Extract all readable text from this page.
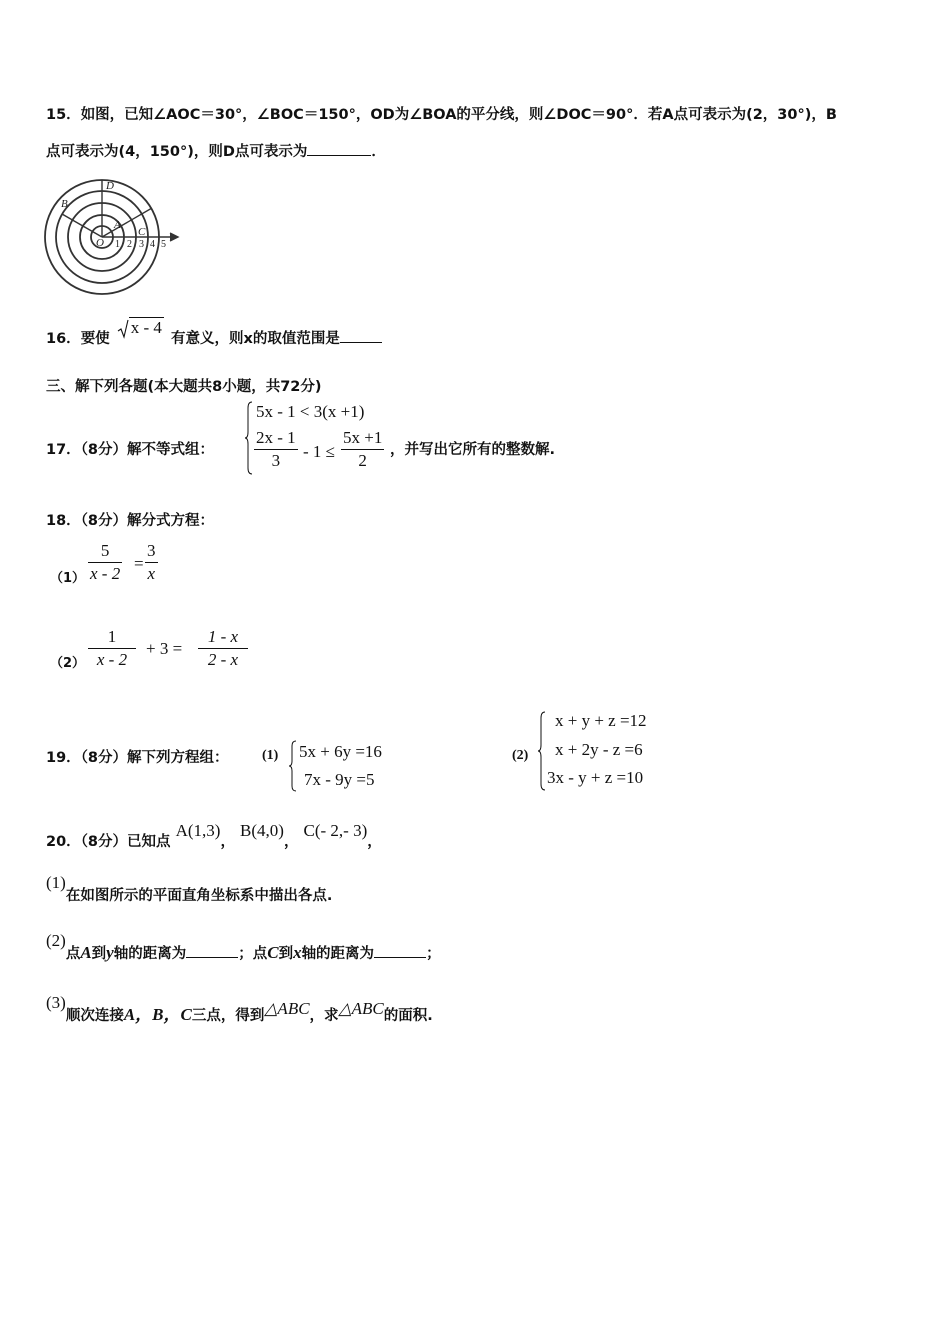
15．如图，已知∠AOC＝30°，∠BOC＝150°，OD为∠BOA的平分线，则∠DOC＝90°．若A点可表示为(2，30°)，B
点可表示为(4，150°)，则D点可表示为	．
B
D
A
C
O 1 2 3 4 5
16．要使 x - 4 有意义，则x的取值范围是
三、解下列各题(本大题共8小题，共72分)
17．（8分）解不等式组：
5x - 1 < 3(x +1)
2x - 1
3	- 1 ≤
5x +1
2
，并写出它所有的整数解.
18．（8分）解分式方程：
（1）
5
x - 2
=
3
x
（2）
1
x - 2
+ 3 =
1 - x
2 - x
19．（8分）解下列方程组： (1) 5x + 6y =16
7x - 9y =5
(2)
x + y + z =12
x + 2y - z =6
3x - y + z =10
20．（8分）已知点 A(1,3)， B(4,0)， C(- 2,- 3)，
(1)在如图所示的平面直角坐标系中描出各点.
(2)点A到y轴的距离为	；点C到x轴的距离为	；
(3)顺次连接A，B，C三点，得到△ABC，求△ABC的面积.
